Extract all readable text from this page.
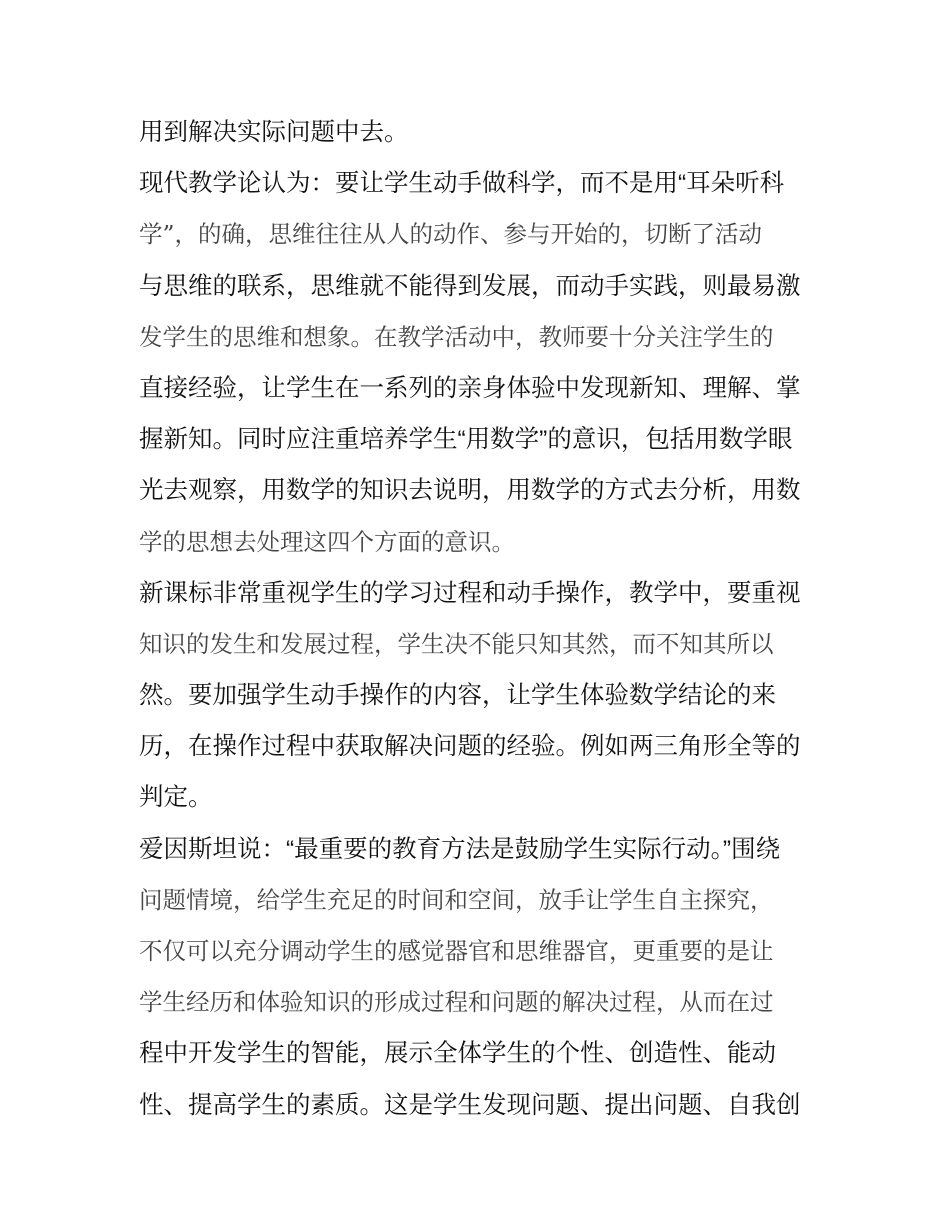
用到解决实际问题中去。
现代教学论认为：要让学生动手做科学，而不是用“耳朵听科
学”，的确，思维往往从人的动作、参与开始的，切断了活动
与思维的联系，思维就不能得到发展，而动手实践，则最易激
发学生的思维和想象。在教学活动中，教师要十分关注学生的
直接经验，让学生在一系列的亲身体验中发现新知、理解、掌
握新知。同时应注重培养学生“用数学”的意识，包括用数学眼
光去观察，用数学的知识去说明，用数学的方式去分析，用数
学的思想去处理这四个方面的意识。
新课标非常重视学生的学习过程和动手操作，教学中，要重视
知识的发生和发展过程，学生决不能只知其然，而不知其所以
然。要加强学生动手操作的内容，让学生体验数学结论的来
历，在操作过程中获取解决问题的经验。例如两三角形全等的
判定。
爱因斯坦说：“最重要的教育方法是鼓励学生实际行动。”围绕
问题情境，给学生充足的时间和空间，放手让学生自主探究，
不仅可以充分调动学生的感觉器官和思维器官，更重要的是让
学生经历和体验知识的形成过程和问题的解决过程，从而在过
程中开发学生的智能，展示全体学生的个性、创造性、能动
性、提高学生的素质。这是学生发现问题、提出问题、自我创
